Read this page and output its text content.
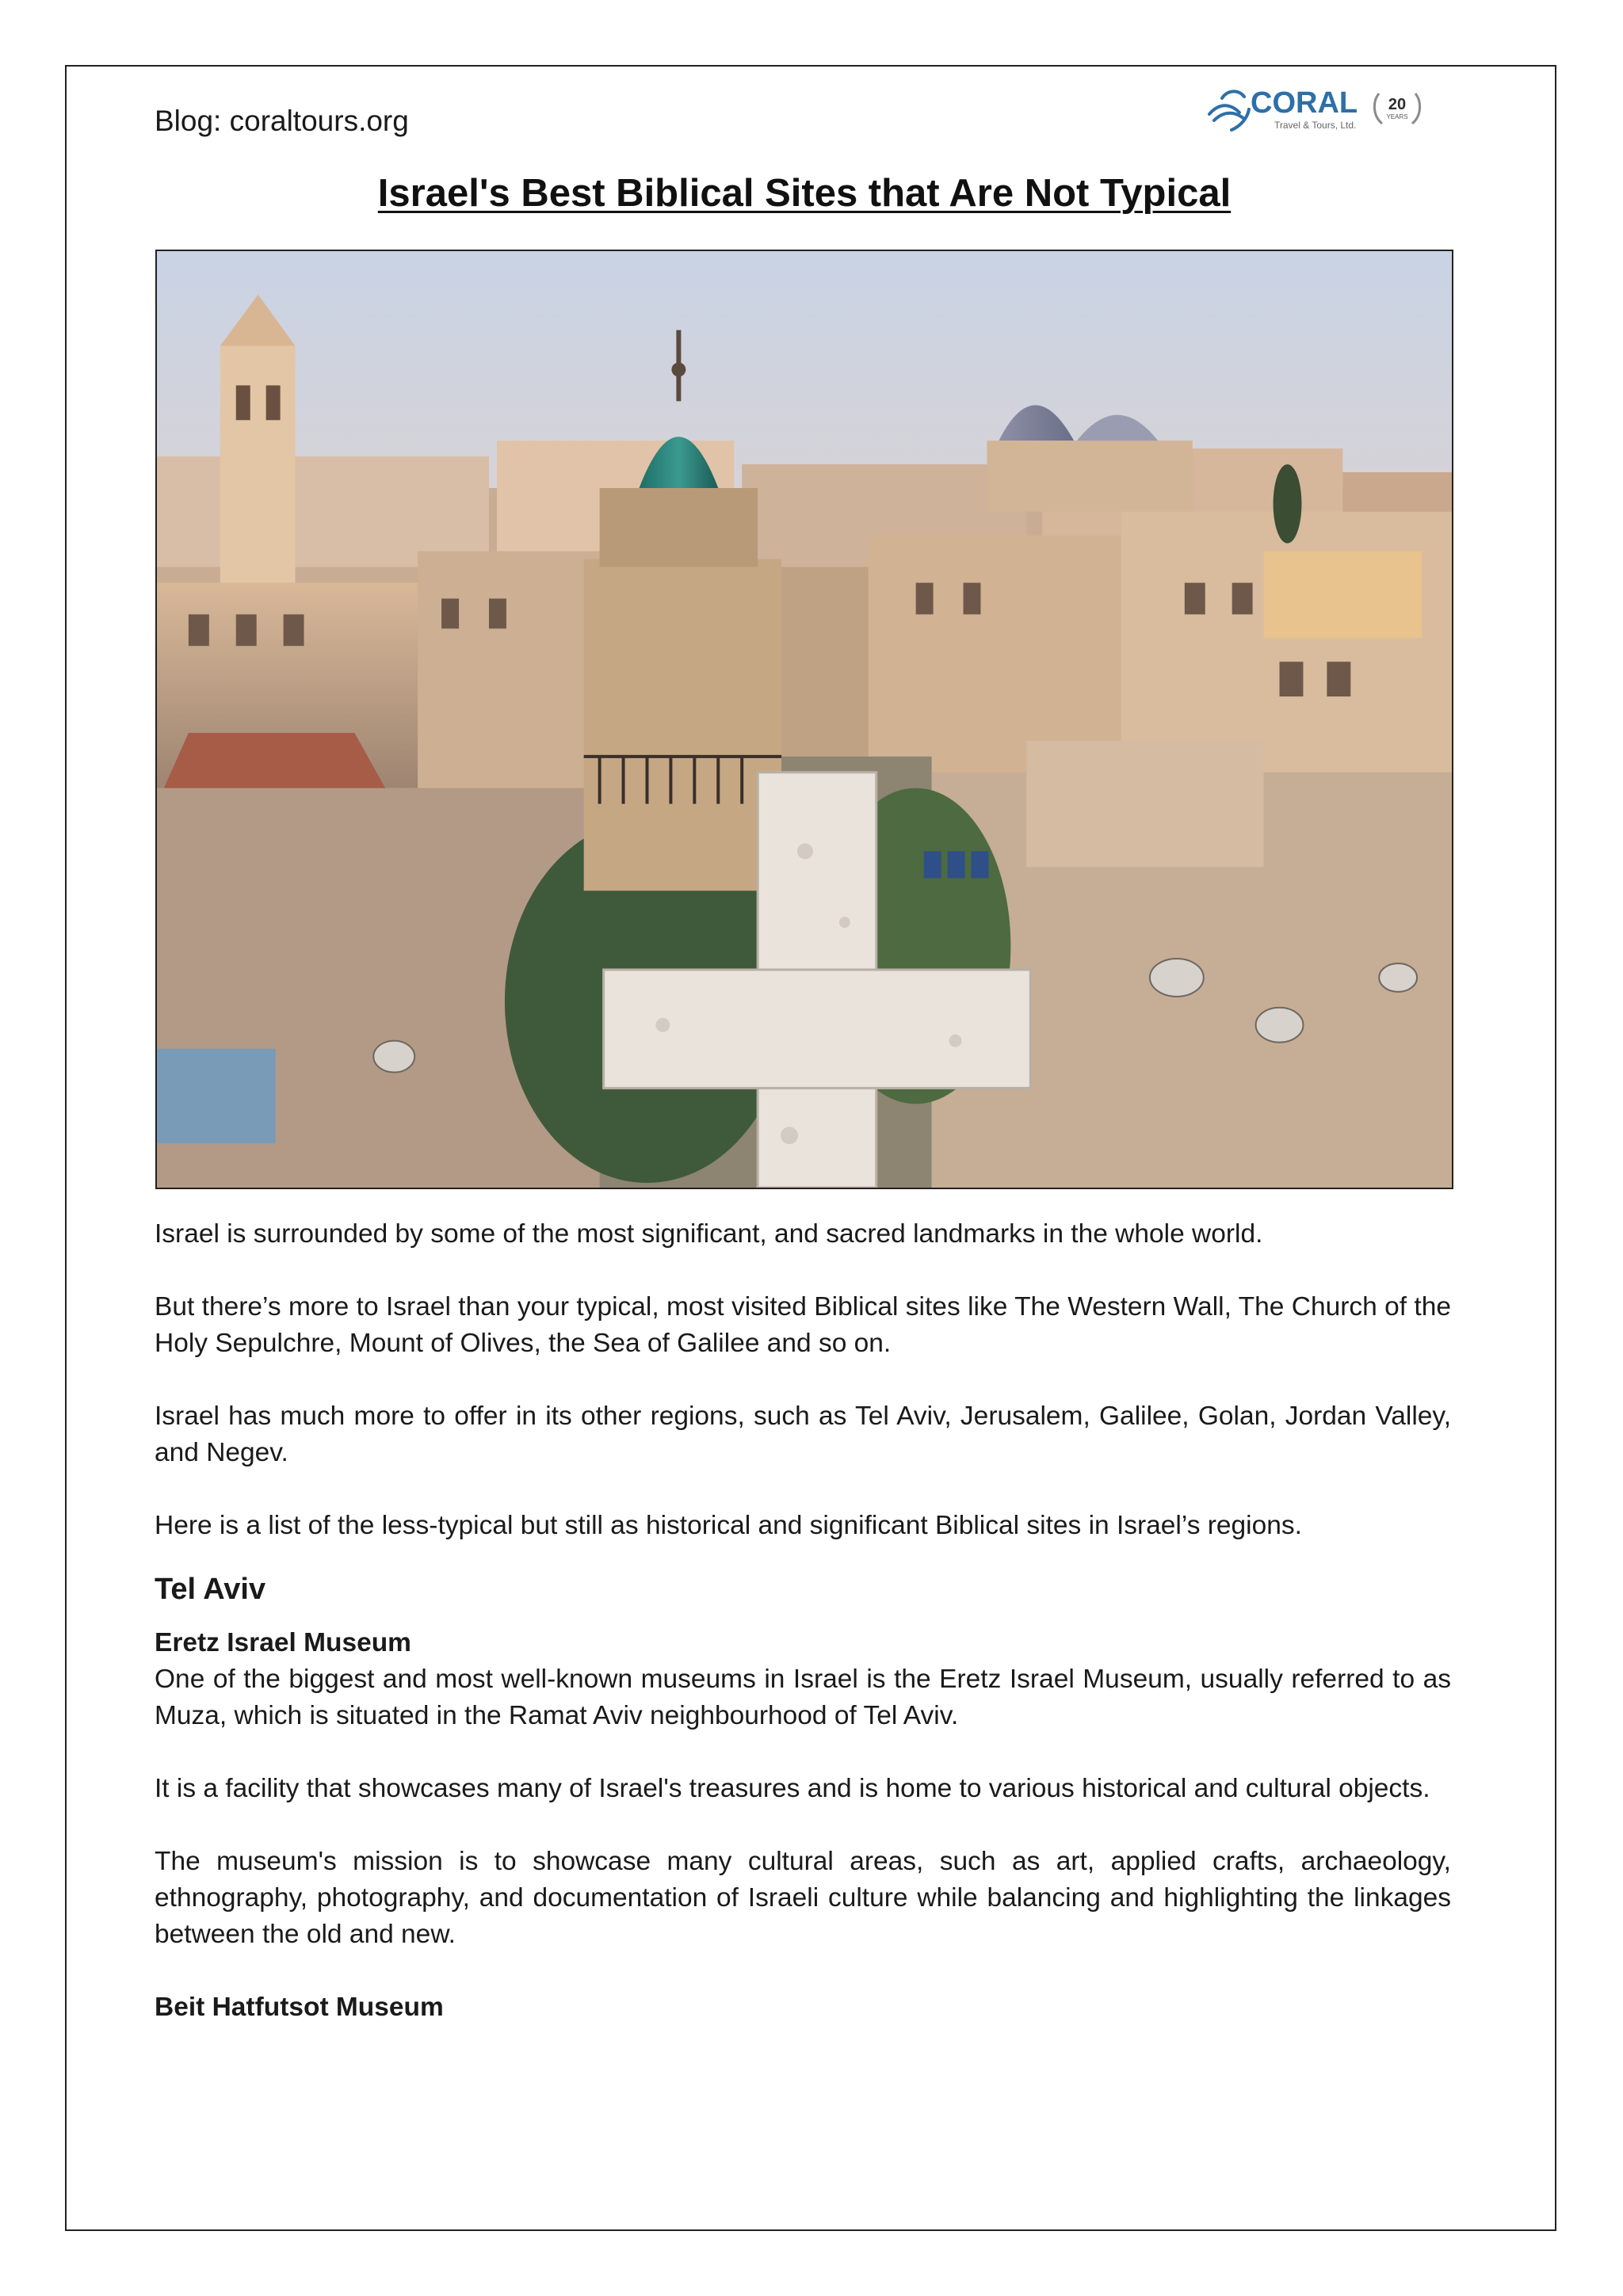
Blog: coraltours.org
CORAL
Travel & Tours, Ltd.
20
YEARS
Israel's Best Biblical Sites that Are Not Typical

Israel is surrounded by some of the most significant, and sacred landmarks in the whole world.

But there’s more to Israel than your typical, most visited Biblical sites like The Western Wall, The Church of the Holy Sepulchre, Mount of Olives, the Sea of Galilee and so on.

Israel has much more to offer in its other regions, such as Tel Aviv, Jerusalem, Galilee, Golan, Jordan Valley, and Negev.

Here is a list of the less-typical but still as historical and significant Biblical sites in Israel’s regions.

Tel Aviv
Eretz Israel Museum

One of the biggest and most well-known museums in Israel is the Eretz Israel Museum, usually referred to as Muza, which is situated in the Ramat Aviv neighbourhood of Tel Aviv.

It is a facility that showcases many of Israel's treasures and is home to various historical and cultural objects.

The museum's mission is to showcase many cultural areas, such as art, applied crafts, archaeology, ethnography, photography, and documentation of Israeli culture while balancing and highlighting the linkages between the old and new.

Beit Hatfutsot Museum
